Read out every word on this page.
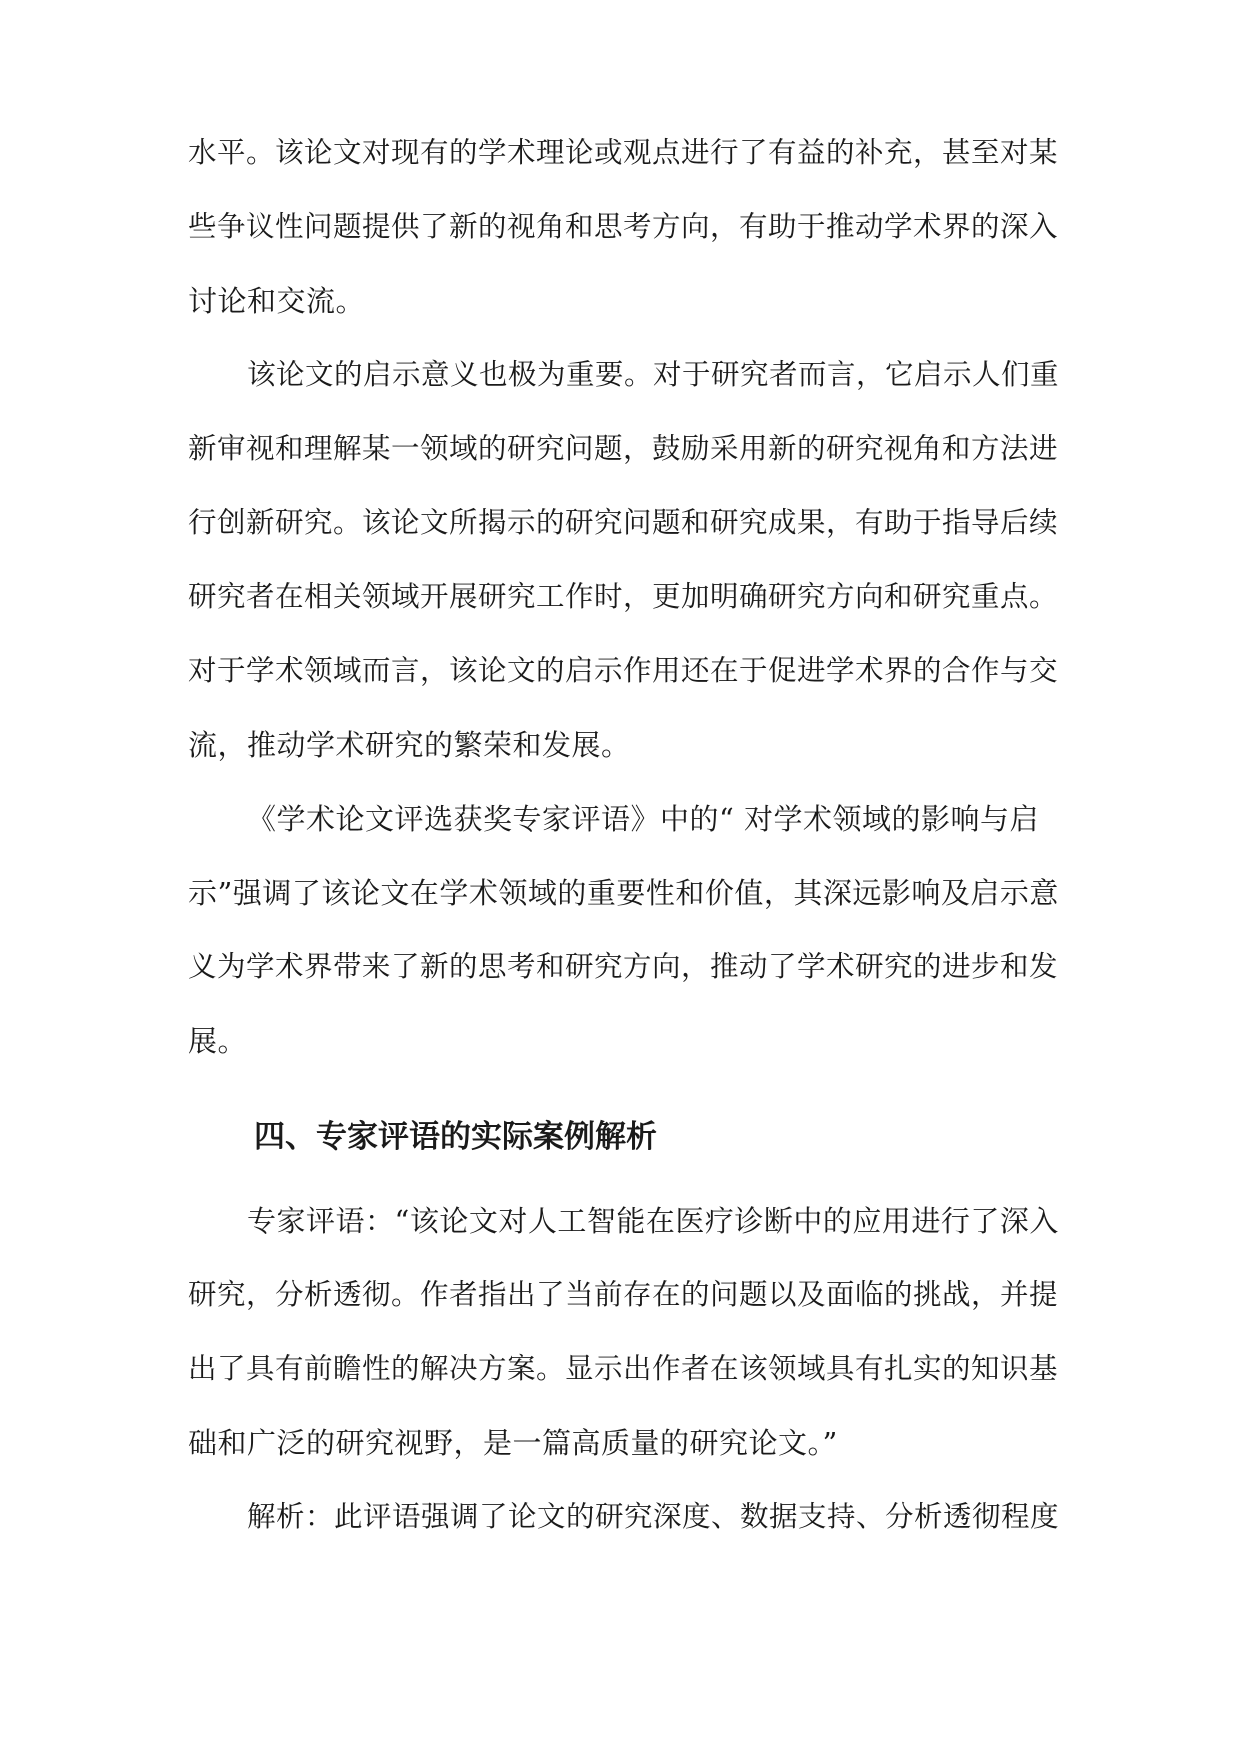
水平。该论文对现有的学术理论或观点进行了有益的补充，甚至对某
些争议性问题提供了新的视角和思考方向，有助于推动学术界的深入
讨论和交流。
该论文的启示意义也极为重要。对于研究者而言，它启示人们重
新审视和理解某一领域的研究问题，鼓励采用新的研究视角和方法进
行创新研究。该论文所揭示的研究问题和研究成果，有助于指导后续
研究者在相关领域开展研究工作时，更加明确研究方向和研究重点。
对于学术领域而言，该论文的启示作用还在于促进学术界的合作与交
流，推动学术研究的繁荣和发展。
《学术论文评选获奖专家评语》中的“ 对学术领域的影响与启
示”强调了该论文在学术领域的重要性和价值，其深远影响及启示意
义为学术界带来了新的思考和研究方向，推动了学术研究的进步和发
展。
四、专家评语的实际案例解析
专家评语：“该论文对人工智能在医疗诊断中的应用进行了深入
研究，分析透彻。作者指出了当前存在的问题以及面临的挑战，并提
出了具有前瞻性的解决方案。显示出作者在该领域具有扎实的知识基
础和广泛的研究视野，是一篇高质量的研究论文。”
解析：此评语强调了论文的研究深度、数据支持、分析透彻程度
